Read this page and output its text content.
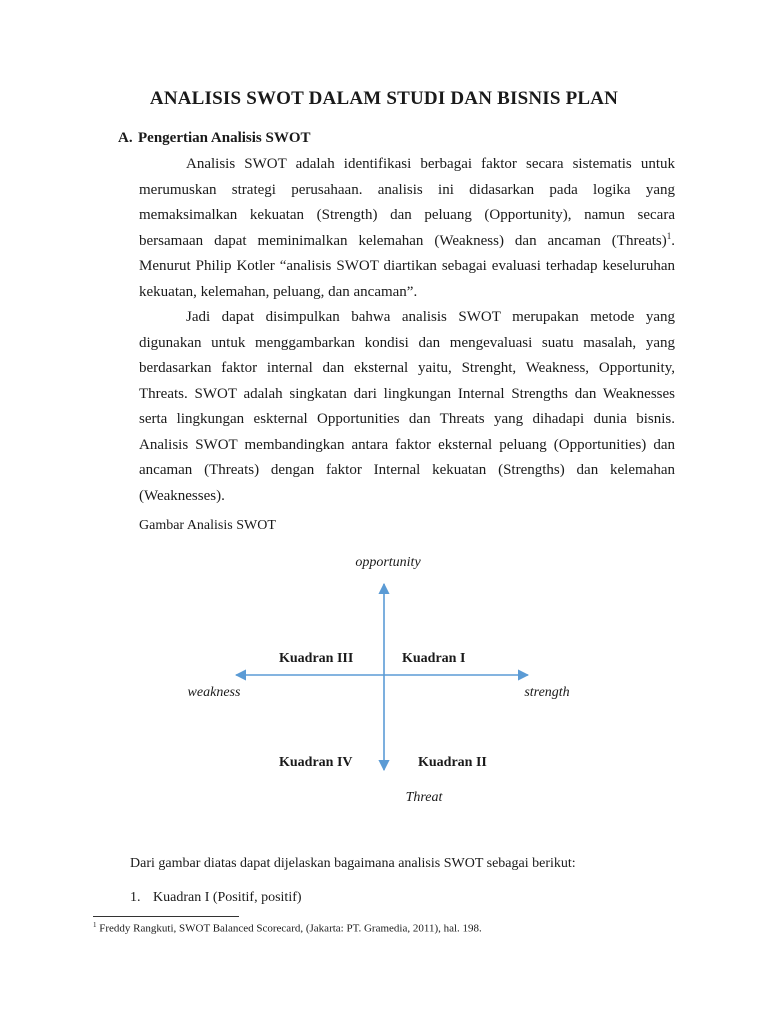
ANALISIS SWOT DALAM STUDI DAN BISNIS PLAN
A. Pengertian Analisis SWOT

Analisis SWOT adalah identifikasi berbagai faktor secara sistematis untuk merumuskan strategi perusahaan. analisis ini didasarkan pada logika yang memaksimalkan kekuatan (Strength) dan peluang (Opportunity), namun secara bersamaan dapat meminimalkan kelemahan (Weakness) dan ancaman (Threats)$^1$. Menurut Philip Kotler “analisis SWOT diartikan sebagai evaluasi terhadap keseluruhan kekuatan, kelemahan, peluang, dan ancaman”.

Jadi dapat disimpulkan bahwa analisis SWOT merupakan metode yang digunakan untuk menggambarkan kondisi dan mengevaluasi suatu masalah, yang berdasarkan faktor internal dan eksternal yaitu, Strenght, Weakness, Opportunity, Threats. SWOT adalah singkatan dari lingkungan Internal Strengths dan Weaknesses serta lingkungan eskternal Opportunities dan Threats yang dihadapi dunia bisnis. Analisis SWOT membandingkan antara faktor eksternal peluang (Opportunities) dan ancaman (Threats) dengan faktor Internal kekuatan (Strengths) dan kelemahan (Weaknesses).

Gambar Analisis SWOT
opportunity
weakness	strength
Threat
Kuadran III	Kuadran I
Kuadran IV	Kuadran II
Dari gambar diatas dapat dijelaskan bagaimana analisis SWOT sebagai berikut:
1. Kuadran I (Positif, positif)
$^1$ Freddy Rangkuti, SWOT Balanced Scorecard, (Jakarta: PT. Gramedia, 2011), hal. 198.
